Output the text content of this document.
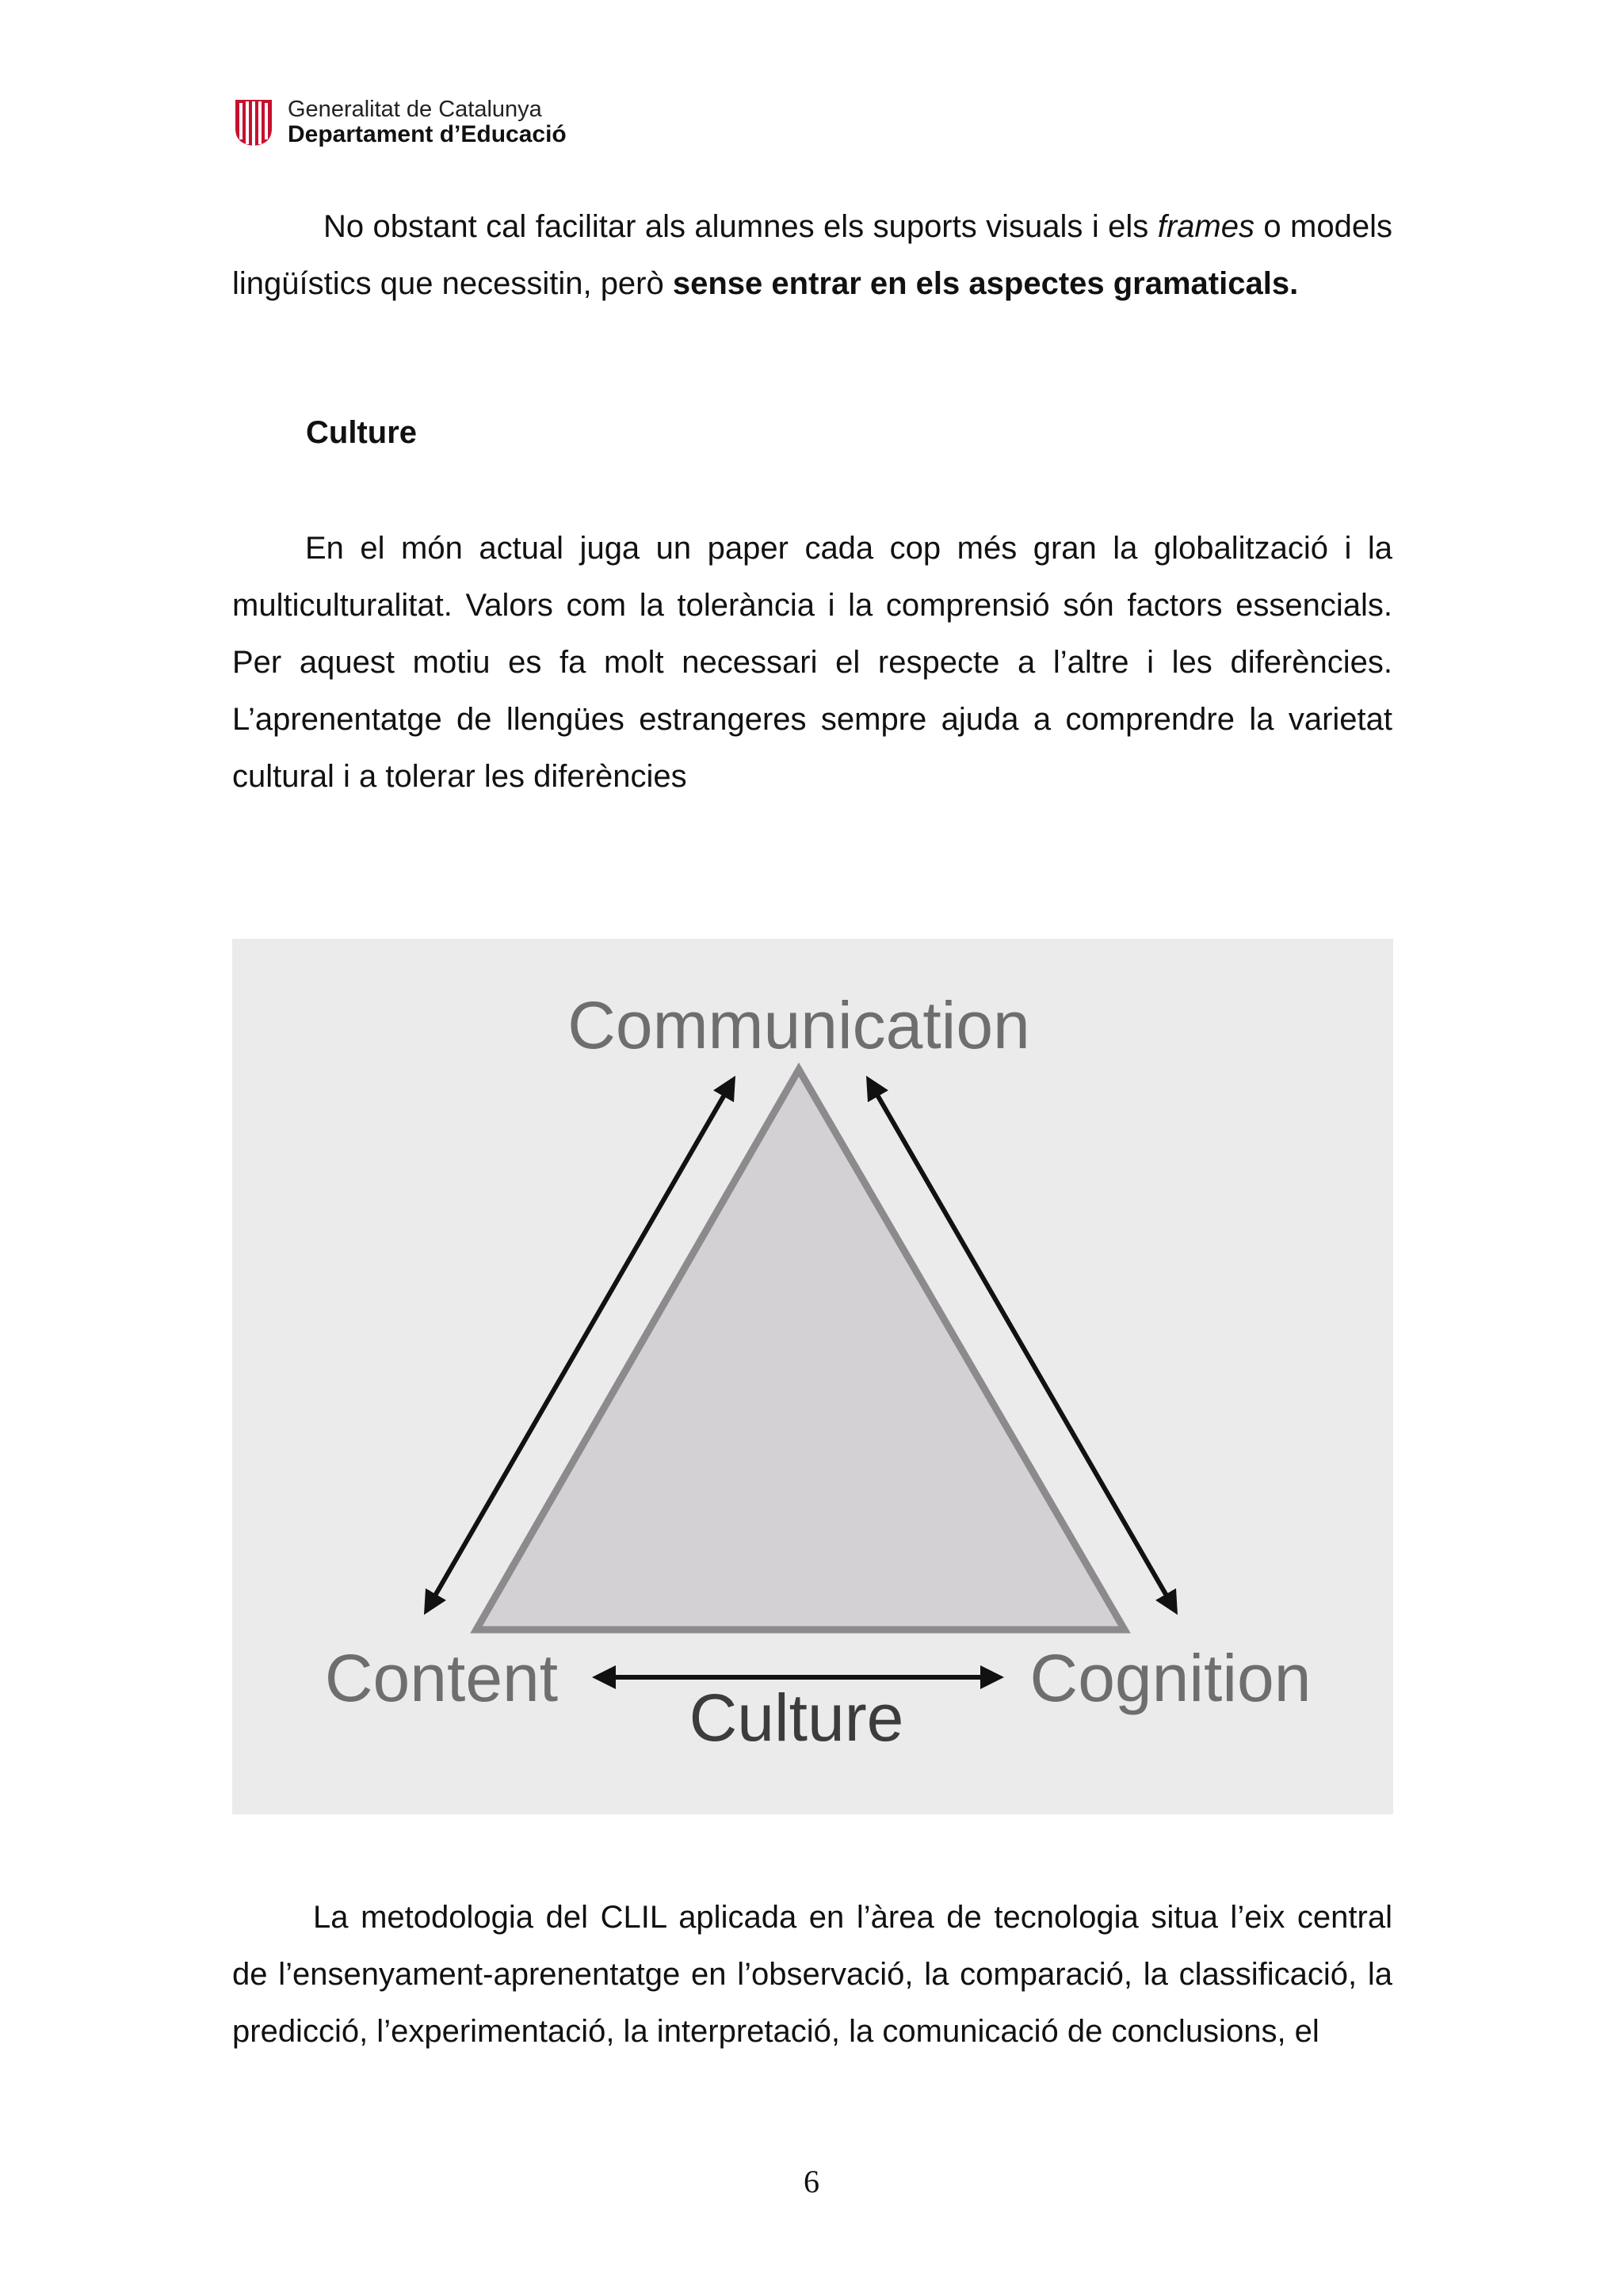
Generalitat de Catalunya
Departament d’Educació

No obstant cal facilitar als alumnes els suports visuals i els frames o models lingüístics que necessitin, però sense entrar en els aspectes gramaticals.

Culture

En el món actual juga un paper cada cop més gran la globalització i la multiculturalitat. Valors com la tolerància i la comprensió són factors essencials. Per aquest motiu es fa molt necessari el respecte a l’altre i les diferències. L’aprenentatge de llengües estrangeres sempre ajuda a comprendre la varietat cultural i a tolerar les diferències

Communication
Content	Cognition
Culture

La metodologia del CLIL aplicada en l’àrea de tecnologia situa l’eix central de l’ensenyament-aprenentatge en l’observació, la comparació, la classificació, la predicció, l’experimentació, la interpretació, la comunicació de conclusions, el

6
